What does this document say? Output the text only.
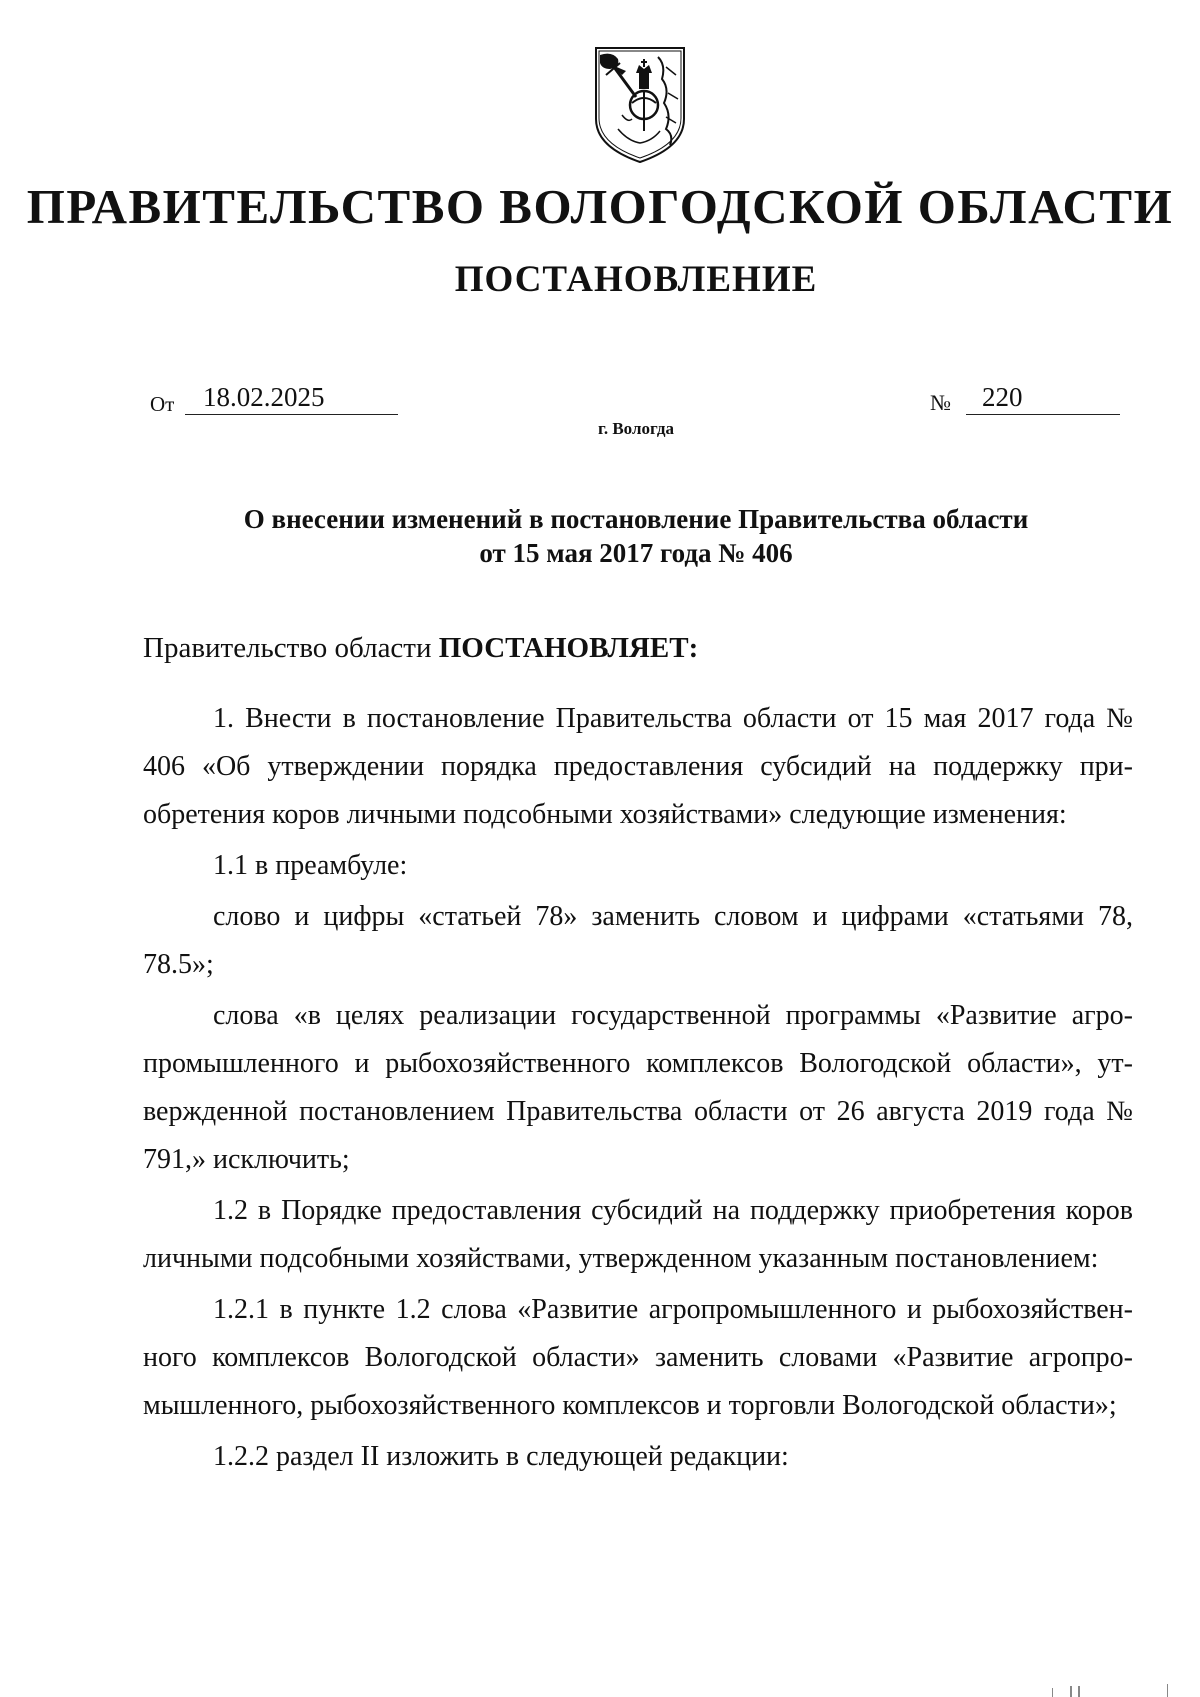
ПРАВИТЕЛЬСТВО ВОЛОГОДСКОЙ ОБЛАСТИ
ПОСТАНОВЛЕНИЕ
От	18.02.2025	№	220
г. Вологда
О внесении изменений в постановление Правительства области
от 15 мая 2017 года № 406
Правительство области ПОСТАНОВЛЯЕТ:

1. Внести в постановление Правительства области от 15 мая 2017 года № 406 «Об утверждении порядка предоставления субсидий на поддержку приобретения коров личными подсобными хозяйствами» следующие изменения:

1.1 в преамбуле:

слово и цифры «статьей 78» заменить словом и цифрами «статьями 78, 78.5»;

слова «в целях реализации государственной программы «Развитие агропромышленного и рыбохозяйственного комплексов Вологодской области», утвержденной постановлением Правительства области от 26 августа 2019 года № 791,» исключить;

1.2 в Порядке предоставления субсидий на поддержку приобретения коров личными подсобными хозяйствами, утвержденном указанным постановлением:

1.2.1 в пункте 1.2 слова «Развитие агропромышленного и рыбохозяйственного комплексов Вологодской области» заменить словами «Развитие агропромышленного, рыбохозяйственного комплексов и торговли Вологодской области»;

1.2.2 раздел II изложить в следующей редакции:
